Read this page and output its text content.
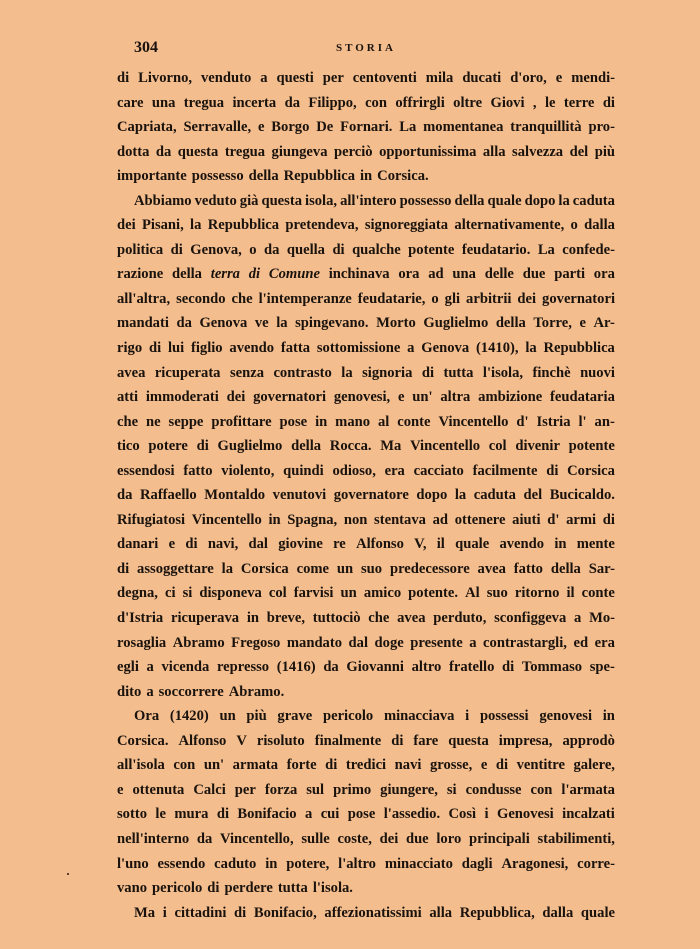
304	STORIA
di Livorno, venduto a questi per centoventi mila ducati d'oro, e mendi-
care una tregua incerta da Filippo, con offrirgli oltre Giovi , le terre di
Capriata, Serravalle, e Borgo De Fornari. La momentanea tranquillità pro-
dotta da questa tregua giungeva perciò opportunissima alla salvezza del più
importante possesso della Repubblica in Corsica.
Abbiamo veduto già questa isola, all'intero possesso della quale dopo la caduta
dei Pisani, la Repubblica pretendeva, signoreggiata alternativamente, o dalla
politica di Genova, o da quella di qualche potente feudatario. La confede-
razione della terra di Comune inchinava ora ad una delle due parti ora
all'altra, secondo che l'intemperanze feudatarie, o gli arbitrii dei governatori
mandati da Genova ve la spingevano. Morto Guglielmo della Torre, e Ar-
rigo di lui figlio avendo fatta sottomissione a Genova (1410), la Repubblica
avea ricuperata senza contrasto la signoria di tutta l'isola, finchè nuovi
atti immoderati dei governatori genovesi, e un' altra ambizione feudataria
che ne seppe profittare pose in mano al conte Vincentello d' Istria l' an-
tico potere di Guglielmo della Rocca. Ma Vincentello col divenir potente
essendosi fatto violento, quindi odioso, era cacciato facilmente di Corsica
da Raffaello Montaldo venutovi governatore dopo la caduta del Bucicaldo.
Rifugiatosi Vincentello in Spagna, non stentava ad ottenere aiuti d' armi di
danari e di navi, dal giovine re Alfonso V, il quale avendo in mente
di assoggettare la Corsica come un suo predecessore avea fatto della Sar-
degna, ci si disponeva col farvisi un amico potente. Al suo ritorno il conte
d'Istria ricuperava in breve, tuttociò che avea perduto, sconfiggeva a Mo-
rosaglia Abramo Fregoso mandato dal doge presente a contrastargli, ed era
egli a vicenda represso (1416) da Giovanni altro fratello di Tommaso spe-
dito a soccorrere Abramo.
Ora (1420) un più grave pericolo minacciava i possessi genovesi in
Corsica. Alfonso V risoluto finalmente di fare questa impresa, approdò
all'isola con un' armata forte di tredici navi grosse, e di ventitre galere,
e ottenuta Calci per forza sul primo giungere, si condusse con l'armata
sotto le mura di Bonifacio a cui pose l'assedio. Così i Genovesi incalzati
nell'interno da Vincentello, sulle coste, dei due loro principali stabilimenti,
l'uno essendo caduto in potere, l'altro minacciato dagli Aragonesi, corre-
vano pericolo di perdere tutta l'isola.
Ma i cittadini di Bonifacio, affezionatissimi alla Repubblica, dalla quale
